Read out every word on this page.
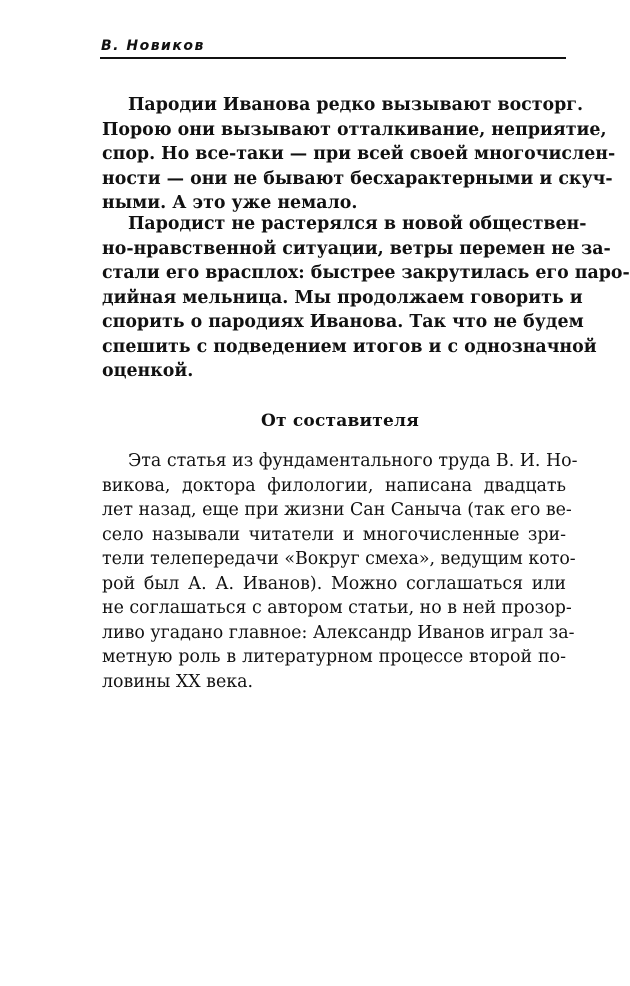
В. Новиков
Пародии Иванова редко вызывают восторг.
Порою они вызывают отталкивание, неприятие,
спор. Но все-таки — при всей своей многочислен-
ности — они не бывают бесхарактерными и скуч-
ными. А это уже немало.
Пародист не растерялся в новой обществен-
но-нравственной ситуации, ветры перемен не за-
стали его врасплох: быстрее закрутилась его паро-
дийная мельница. Мы продолжаем говорить и
спорить о пародиях Иванова. Так что не будем
спешить с подведением итогов и с однозначной
оценкой.
От составителя
Эта статья из фундаментального труда В. И. Но-
викова, доктора филологии, написана двадцать
лет назад, еще при жизни Сан Саныча (так его ве-
село называли читатели и многочисленные зри-
тели телепередачи «Вокруг смеха», ведущим кото-
рой был А. А. Иванов). Можно соглашаться или
не соглашаться с автором статьи, но в ней прозор-
ливо угадано главное: Александр Иванов играл за-
метную роль в литературном процессе второй по-
ловины XX века.
